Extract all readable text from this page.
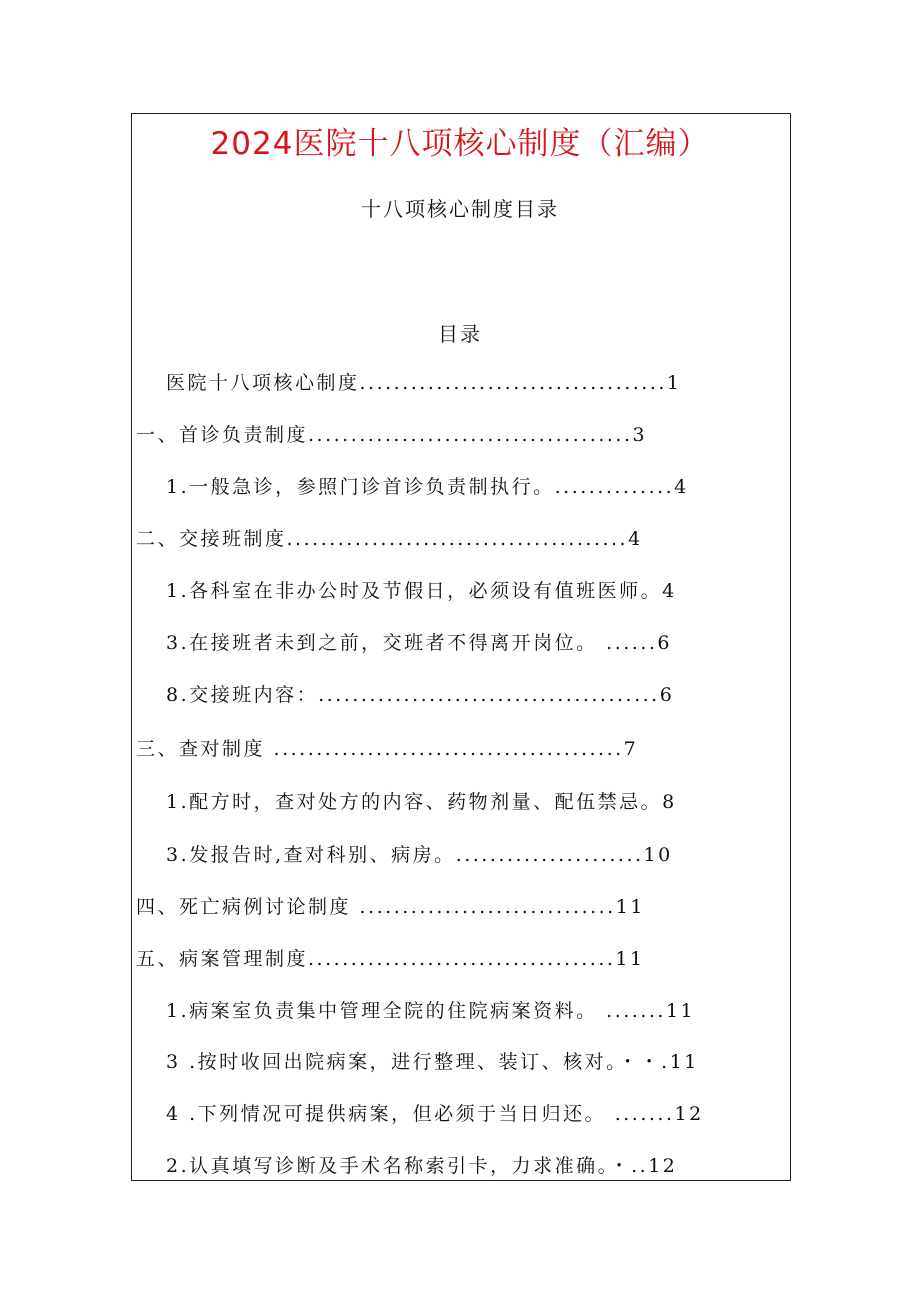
2024医院十八项核心制度（汇编）
十八项核心制度目录
目录
医院十八项核心制度....................................1
一、首诊负责制度......................................3
1.一般急诊，参照门诊首诊负责制执行。..............4
二、交接班制度........................................4
1.各科室在非办公时及节假日，必须设有值班医师。4
3.在接班者未到之前，交班者不得离开岗位。 ......6
8.交接班内容：........................................6
三、查对制度 .........................................7
1.配方时，查对处方的内容、药物剂量、配伍禁忌。8
3.发报告时,查对科别、病房。......................10
四、死亡病例讨论制度 ..............................11
五、病案管理制度....................................11
1.病案室负责集中管理全院的住院病案资料。 .......11
3 .按时收回出院病案，进行整理、装订、核对。・・.11
4 .下列情况可提供病案，但必须于当日归还。 .......12
2.认真填写诊断及手术名称索引卡，力求准确。・..12
